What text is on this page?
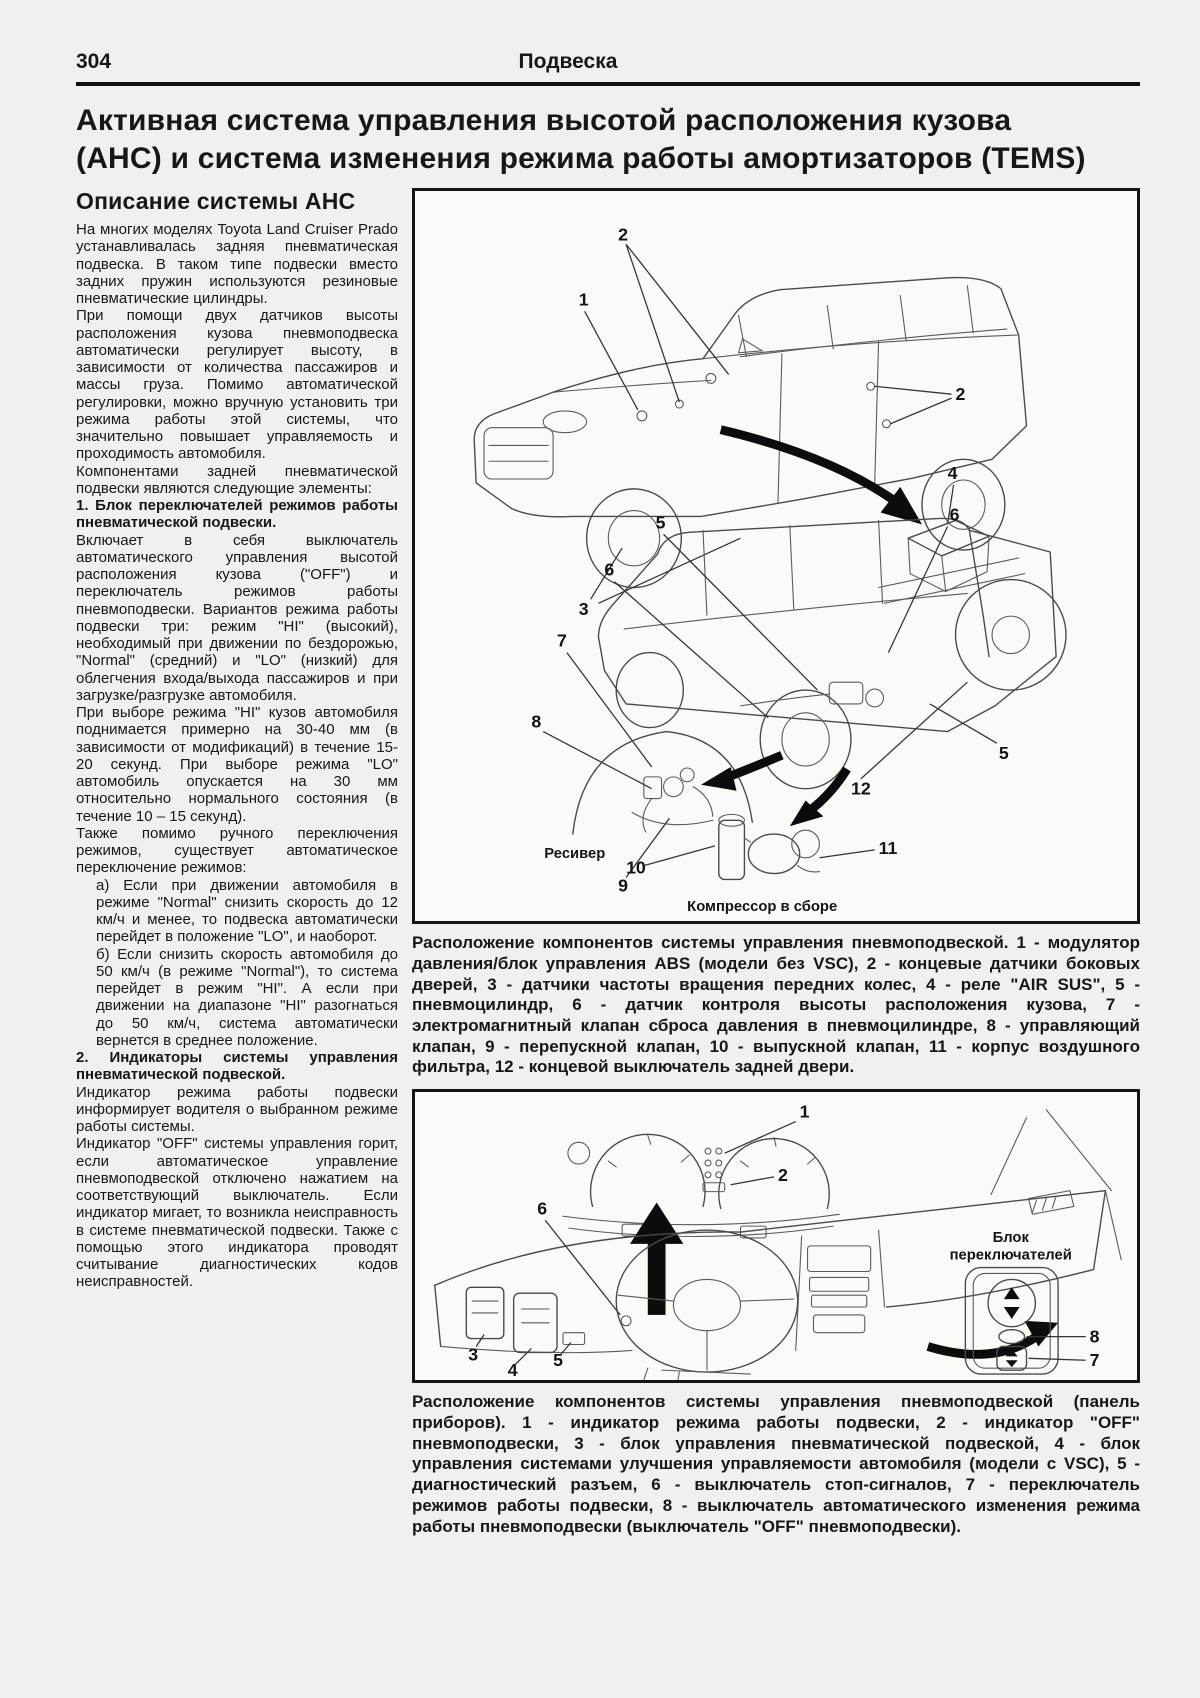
304	Подвеска
Активная система управления высотой расположения кузова (АНС) и система изменения режима работы амортизаторов (TEMS)
Описание системы АНС

На многих моделях Toyota Land Cruiser Prado устанавливалась задняя пневматическая подвеска. В таком типе подвески вместо задних пружин используются резиновые пневматические цилиндры.

При помощи двух датчиков высоты расположения кузова пневмоподвеска автоматически регулирует высоту, в зависимости от количества пассажиров и массы груза. Помимо автоматической регулировки, можно вручную установить три режима работы этой системы, что значительно повышает управляемость и проходимость автомобиля.

Компонентами задней пневматической подвески являются следующие элементы:

1. Блок переключателей режимов работы пневматической подвески.

Включает в себя выключатель автоматического управления высотой расположения кузова ("OFF") и переключатель режимов работы пневмоподвески. Вариантов режима работы подвески три: режим "HI" (высокий), необходимый при движении по бездорожью, "Normal" (средний) и "LO" (низкий) для облегчения входа/выхода пассажиров и при загрузке/разгрузке автомобиля.

При выборе режима "HI" кузов автомобиля поднимается примерно на 30-40 мм (в зависимости от модификаций) в течение 15-20 секунд. При выборе режима "LO" автомобиль опускается на 30 мм относительно нормального состояния (в течение 10 – 15 секунд).

Также помимо ручного переключения режимов, существует автоматическое переключение режимов:

а) Если при движении автомобиля в режиме "Normal" снизить скорость до 12 км/ч и менее, то подвеска автоматически перейдет в положение "LO", и наоборот.

б) Если снизить скорость автомобиля до 50 км/ч (в режиме "Normal"), то система перейдет в режим "HI". А если при движении на диапазоне "HI" разогнаться до 50 км/ч, система автоматически вернется в среднее положение.

2. Индикаторы системы управления пневматической подвеской.

Индикатор режима работы подвески информирует водителя о выбранном режиме работы системы.

Индикатор "OFF" системы управления горит, если автоматическое управление пневмоподвеской отключено нажатием на соответствующий выключатель. Если индикатор мигает, то возникла неисправность в системе пневматической подвески. Также с помощью этого индикатора проводят считывание диагностических кодов неисправностей.

2
1
2
3
4
5
6
6
7
8
9
12
5
Ресивер
10
11
Компрессор в сборе

Расположение компонентов системы управления пневмоподвеской. 1 - модулятор давления/блок управления ABS (модели без VSC), 2 - концевые датчики боковых дверей, 3 - датчики частоты вращения передних колес, 4 - реле "AIR SUS", 5 - пневмоцилиндр, 6 - датчик контроля высоты расположения кузова, 7 - электромагнитный клапан сброса давления в пневмоцилиндре, 8 - управляющий клапан, 9 - перепускной клапан, 10 - выпускной клапан, 11 - корпус воздушного фильтра, 12 - концевой выключатель задней двери.

1
2
6
3
4 5
Блок
переключателей
8
7

Расположение компонентов системы управления пневмоподвеской (панель приборов). 1 - индикатор режима работы подвески, 2 - индикатор "OFF" пневмоподвески, 3 - блок управления пневматической подвеской, 4 - блок управления системами улучшения управляемости автомобиля (модели с VSC), 5 - диагностический разъем, 6 - выключатель стоп-сигналов, 7 - переключатель режимов работы подвески, 8 - выключатель автоматического изменения режима работы пневмоподвески (выключатель "OFF" пневмоподвески).
